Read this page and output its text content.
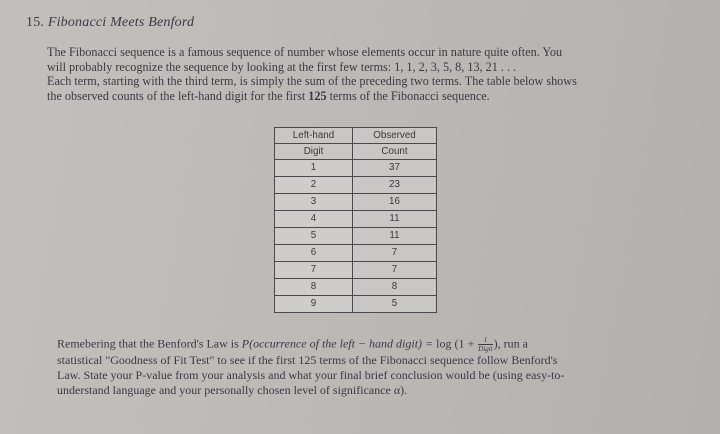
15. Fibonacci Meets Benford

The Fibonacci sequence is a famous sequence of number whose elements occur in nature quite often. You

will probably recognize the sequence by looking at the first few terms: 1, 1, 2, 3, 5, 8, 13, 21 . . .

Each term, starting with the third term, is simply the sum of the preceding two terms. The table below shows

the observed counts of the left-hand digit for the first 125 terms of the Fibonacci sequence.

Left-hand	Observed
Digit	Count
1	37
2	23
3	16
4	11
5	11
6	7
7	7
8	8
9	5

Remebering that the Benford's Law is P(occurrence of the left − hand digit) = $\log (1 + \frac{1}{\text{Digit}}$ ), run a

statistical "Goodness of Fit Test" to see if the first 125 terms of the Fibonacci sequence follow Benford's

Law. State your P-value from your analysis and what your final brief conclusion would be (using easy-to-

understand language and your personally chosen level of significance α).
